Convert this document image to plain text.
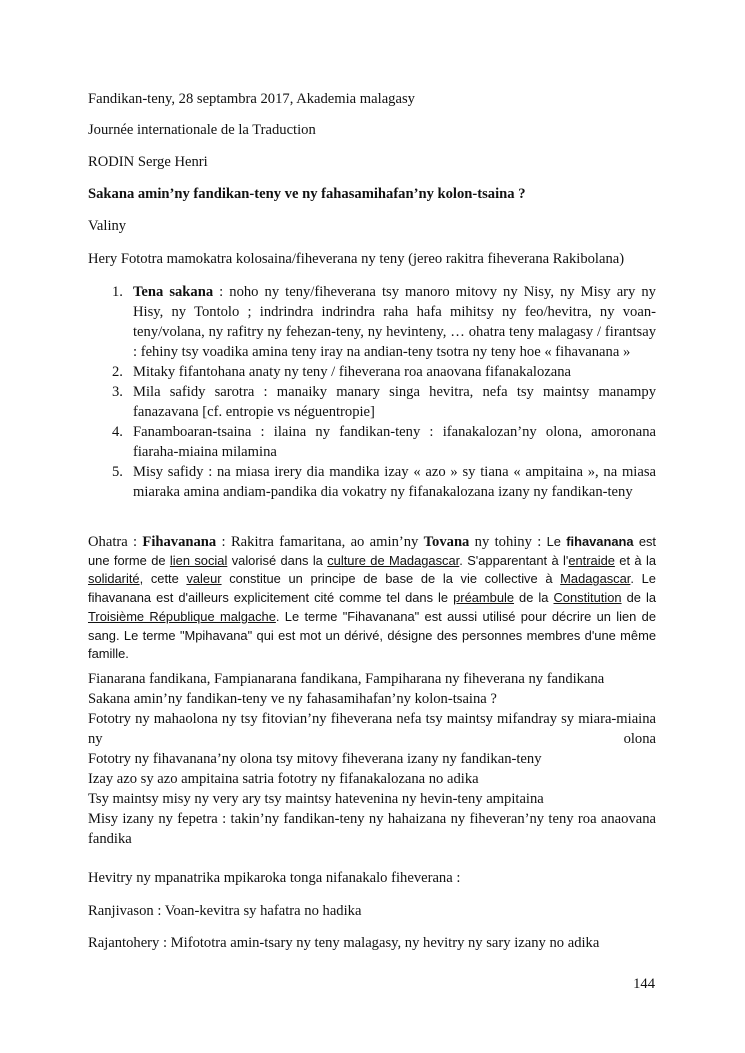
Fandikan-teny, 28 septambra 2017, Akademia malagasy

Journée internationale de la Traduction

RODIN Serge Henri

Sakana amin’ny fandikan-teny ve ny fahasamihafan’ny kolon-tsaina ?

Valiny

Hery Fototra mamokatra kolosaina/fiheverana ny teny (jereo rakitra fiheverana Rakibolana)

1. Tena sakana : noho ny teny/fiheverana tsy manoro mitovy ny Nisy, ny Misy ary ny Hisy, ny Tontolo ; indrindra indrindra raha hafa mihitsy ny feo/hevitra, ny voan-teny/volana, ny rafitry ny fehezan-teny, ny hevinteny, … ohatra teny malagasy / firantsay : fehiny tsy voadika amina teny iray na andian-teny tsotra ny teny hoe « fihavanana »
2. Mitaky fifantohana anaty ny teny / fiheverana roa anaovana fifanakalozana
3. Mila safidy sarotra : manaiky manary singa hevitra, nefa tsy maintsy manampy fanazavana [cf. entropie vs néguentropie]
4. Fanamboaran-tsaina : ilaina ny fandikan-teny : ifanakalozan’ny olona, amoronana fiaraha-miaina milamina
5. Misy safidy : na miasa irery dia mandika izay « azo » sy tiana « ampitaina », na miasa miaraka amina andiam-pandika dia vokatry ny fifanakalozana izany ny fandikan-teny

Ohatra : Fihavanana : Rakitra famaritana, ao amin’ny Tovana ny tohiny : Le fihavanana est une forme de lien social valorisé dans la culture de Madagascar. S'apparentant à l'entraide et à la solidarité, cette valeur constitue un principe de base de la vie collective à Madagascar. Le fihavanana est d'ailleurs explicitement cité comme tel dans le préambule de la Constitution de la Troisième République malgache. Le terme "Fihavanana" est aussi utilisé pour décrire un lien de sang. Le terme "Mpihavana" qui est mot un dérivé, désigne des personnes membres d'une même famille.

Fianarana fandikana, Fampianarana fandikana, Fampiharana ny fiheverana ny fandikana
Sakana amin’ny fandikan-teny ve ny fahasamihafan’ny kolon-tsaina ?
Fototry ny mahaolona ny tsy fitovian’ny fiheverana nefa tsy maintsy mifandray sy miara-miaina ny olona
Fototry ny fihavanana’ny olona tsy mitovy fiheverana izany ny fandikan-teny
Izay azo sy azo ampitaina satria fototry ny fifanakalozana no adika
Tsy maintsy misy ny very ary tsy maintsy hatevenina ny hevin-teny ampitaina
Misy izany ny fepetra : takin’ny fandikan-teny ny hahaizana ny fiheveran’ny teny roa anaovana fandika

Hevitry ny mpanatrika mpikaroka tonga nifanakalo fiheverana :

Ranjivason : Voan-kevitra sy hafatra no hadika

Rajantohery : Mifototra amin-tsary ny teny malagasy, ny hevitry ny sary izany no adika

144
